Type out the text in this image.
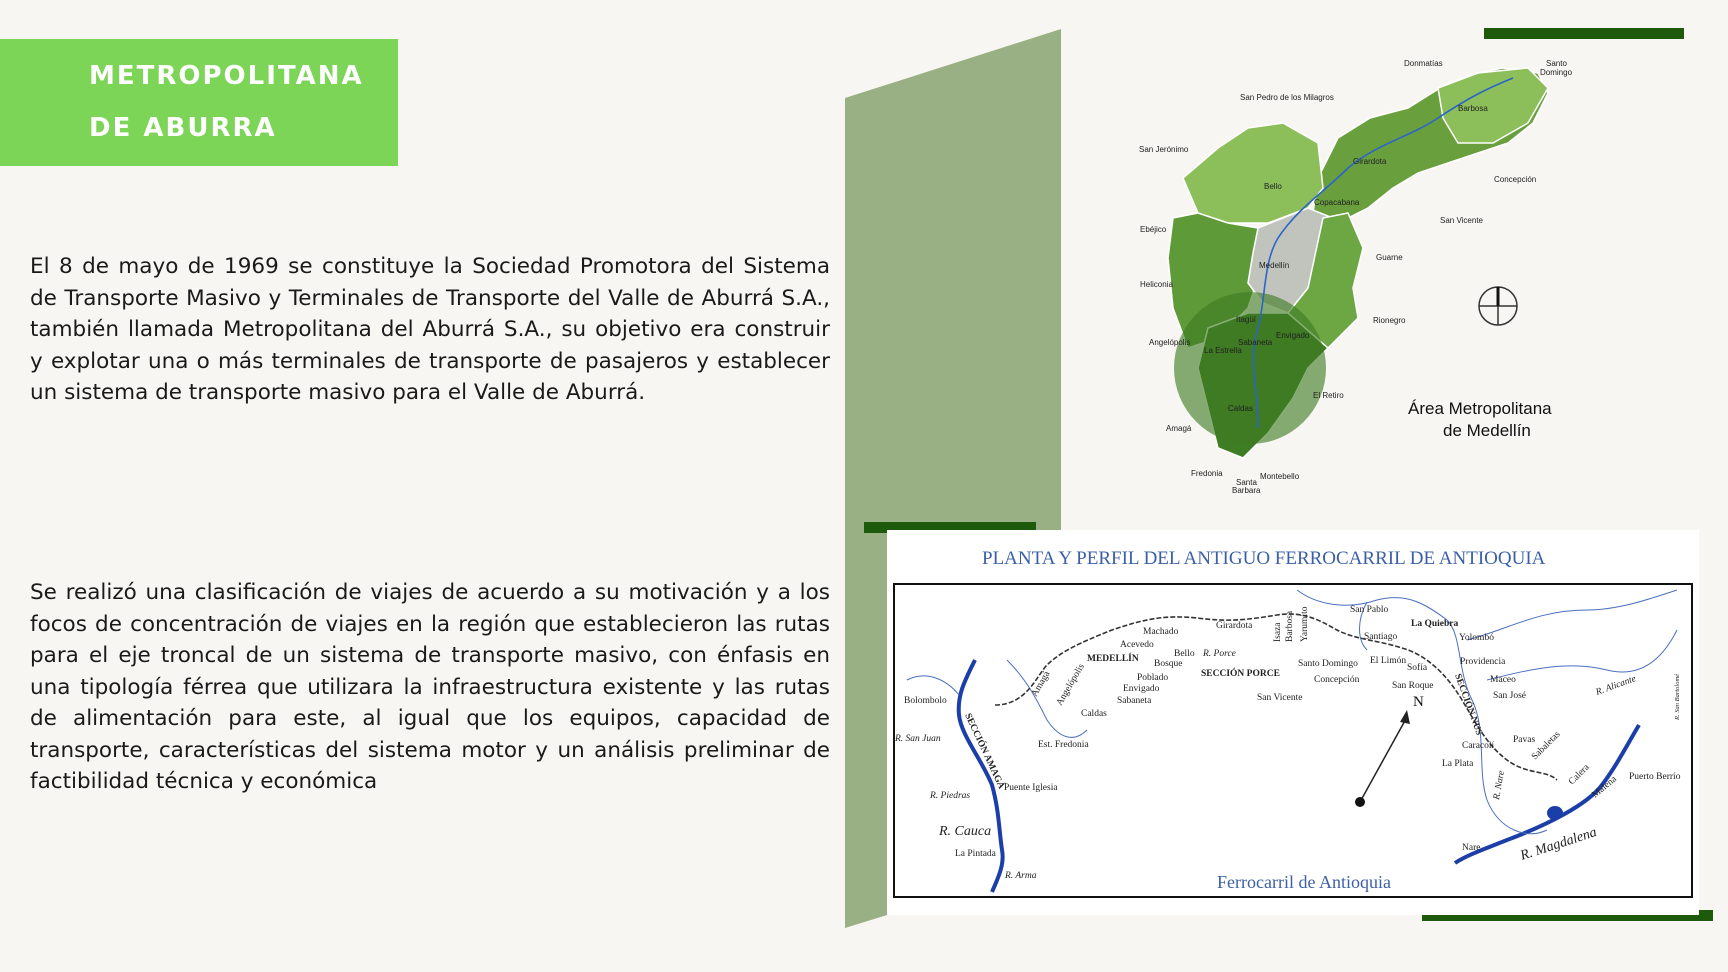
METROPOLITANA
DE ABURRA

El 8 de mayo de 1969 se constituye la Sociedad Promotora del Sistema de Transporte Masivo y Terminales de Transporte del Valle de Aburrá S.A., también llamada Metropolitana del Aburrá S.A., su objetivo era construir y explotar una o más terminales de transporte de pasajeros y establecer un sistema de transporte masivo para el Valle de Aburrá.

Se realizó una clasificación de viajes de acuerdo a su motivación y a los focos de concentración de viajes en la región que establecieron las rutas para el eje troncal de un sistema de transporte masivo, con énfasis en una tipología férrea que utilizara la infraestructura existente y las rutas de alimentación para este, al igual que los equipos, capacidad de transporte, características del sistema motor y un análisis preliminar de factibilidad técnica y económica

Donmatías	Santo
Domingo
San Pedro de los Milagros
Barbosa
San Jerónimo
Girardota
Concepción
Bello
Copacabana
San Vicente
Ebéjico
Guarne
Medellín
Heliconia
Itagüí	Rionegro
Angelópolis
Envigado
La Estrella
Sabaneta
El Retiro
Caldas
Amagá
Fredonia	Montebello
Santa
Barbara
Área Metropolitana
de Medellín
PLANTA Y PERFIL DEL ANTIGUO FERROCARRIL DE ANTIOQUIA
N
San Pablo
La Quiebra
Yolombó
Girardota
Machado	Santiago
Acevedo
MEDELLÍN	Bello R. Porce
Santo Domingo El Limón	Providencia
Bosque	Sofía
SECCIÓN PORCE
Maceo
Concepción
Poblado
Envigado	San Roque
San José
Sabaneta	San Vicente
Bolombolo
Caldas
R. San Juan
Est. Fredonia	Caracolí
Pavas
La Plata
Puerto Berrío
Puente Iglesia
R. Piedras
La Pintada
Nare
R. Arma
R. Alicante	R. San Bartolomé
R. Nare
Sabaletas
Calera
Malena
Isaza Barbosa Yarumito
Amagá Angelópolis	SECCIÓN NUS
SECCIÓN AMAGÁ
R. Cauca	R. Magdalena
Ferrocarril de Antioquia
